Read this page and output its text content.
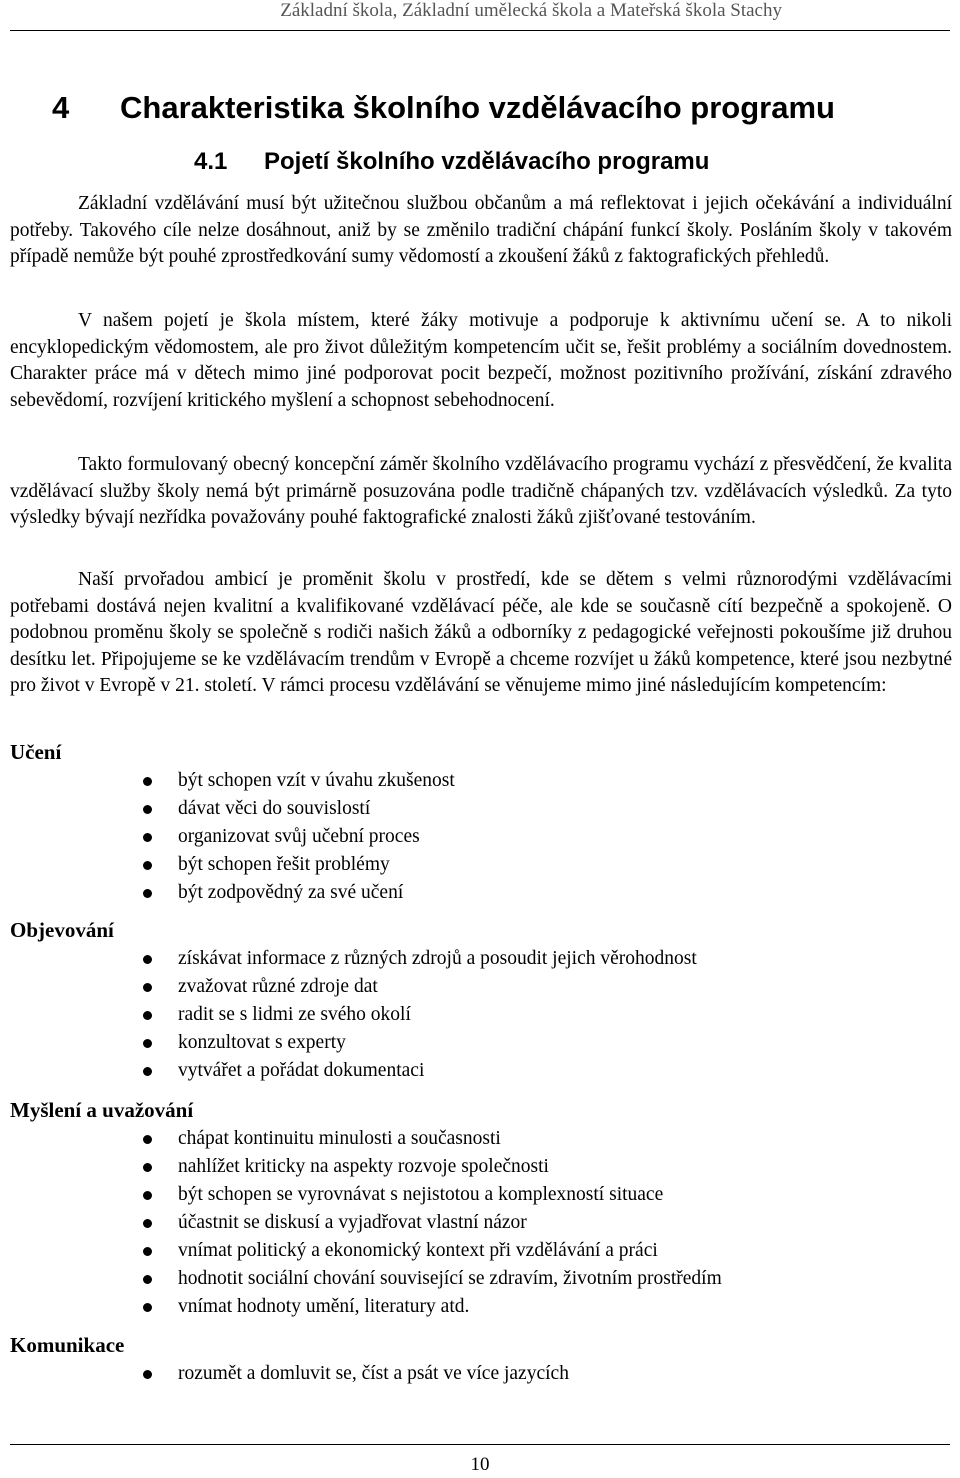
Základní škola, Základní umělecká škola a Mateřská škola Stachy
4 Charakteristika školního vzdělávacího programu
4.1 Pojetí školního vzdělávacího programu

Základní vzdělávání musí být užitečnou službou občanům a má reflektovat i jejich očekávání a individuální potřeby. Takového cíle nelze dosáhnout, aniž by se změnilo tradiční chápání funkcí školy. Posláním školy v takovém případě nemůže být pouhé zprostředkování sumy vědomostí a zkoušení žáků z faktografických přehledů.

V našem pojetí je škola místem, které žáky motivuje a podporuje k aktivnímu učení se. A to nikoli encyklopedickým vědomostem, ale pro život důležitým kompetencím učit se, řešit problémy a sociálním dovednostem. Charakter práce má v dětech mimo jiné podporovat pocit bezpečí, možnost pozitivního prožívání, získání zdravého sebevědomí, rozvíjení kritického myšlení a schopnost sebehodnocení.

Takto formulovaný obecný koncepční záměr školního vzdělávacího programu vychází z přesvědčení, že kvalita vzdělávací služby školy nemá být primárně posuzována podle tradičně chápaných tzv. vzdělávacích výsledků. Za tyto výsledky bývají nezřídka považovány pouhé faktografické znalosti žáků zjišťované testováním.

Naší prvořadou ambicí je proměnit školu v prostředí, kde se dětem s velmi různorodými vzdělávacími potřebami dostává nejen kvalitní a kvalifikované vzdělávací péče, ale kde se současně cítí bezpečně a spokojeně. O podobnou proměnu školy se společně s rodiči našich žáků a odborníky z pedagogické veřejnosti pokoušíme již druhou desítku let. Připojujeme se ke vzdělávacím trendům v Evropě a chceme rozvíjet u žáků kompetence, které jsou nezbytné pro život v Evropě v 21. století. V rámci procesu vzdělávání se věnujeme mimo jiné následujícím kompetencím:

Učení
být schopen vzít v úvahu zkušenost
dávat věci do souvislostí
organizovat svůj učební proces
být schopen řešit problémy
být zodpovědný za své učení
Objevování
získávat informace z různých zdrojů a posoudit jejich věrohodnost
zvažovat různé zdroje dat
radit se s lidmi ze svého okolí
konzultovat s experty
vytvářet a pořádat dokumentaci
Myšlení a uvažování
chápat kontinuitu minulosti a současnosti
nahlížet kriticky na aspekty rozvoje společnosti
být schopen se vyrovnávat s nejistotou a komplexností situace
účastnit se diskusí a vyjadřovat vlastní názor
vnímat politický a ekonomický kontext při vzdělávání a práci
hodnotit sociální chování související se zdravím, životním prostředím
vnímat hodnoty umění, literatury atd.
Komunikace
rozumět a domluvit se, číst a psát ve více jazycích
10
